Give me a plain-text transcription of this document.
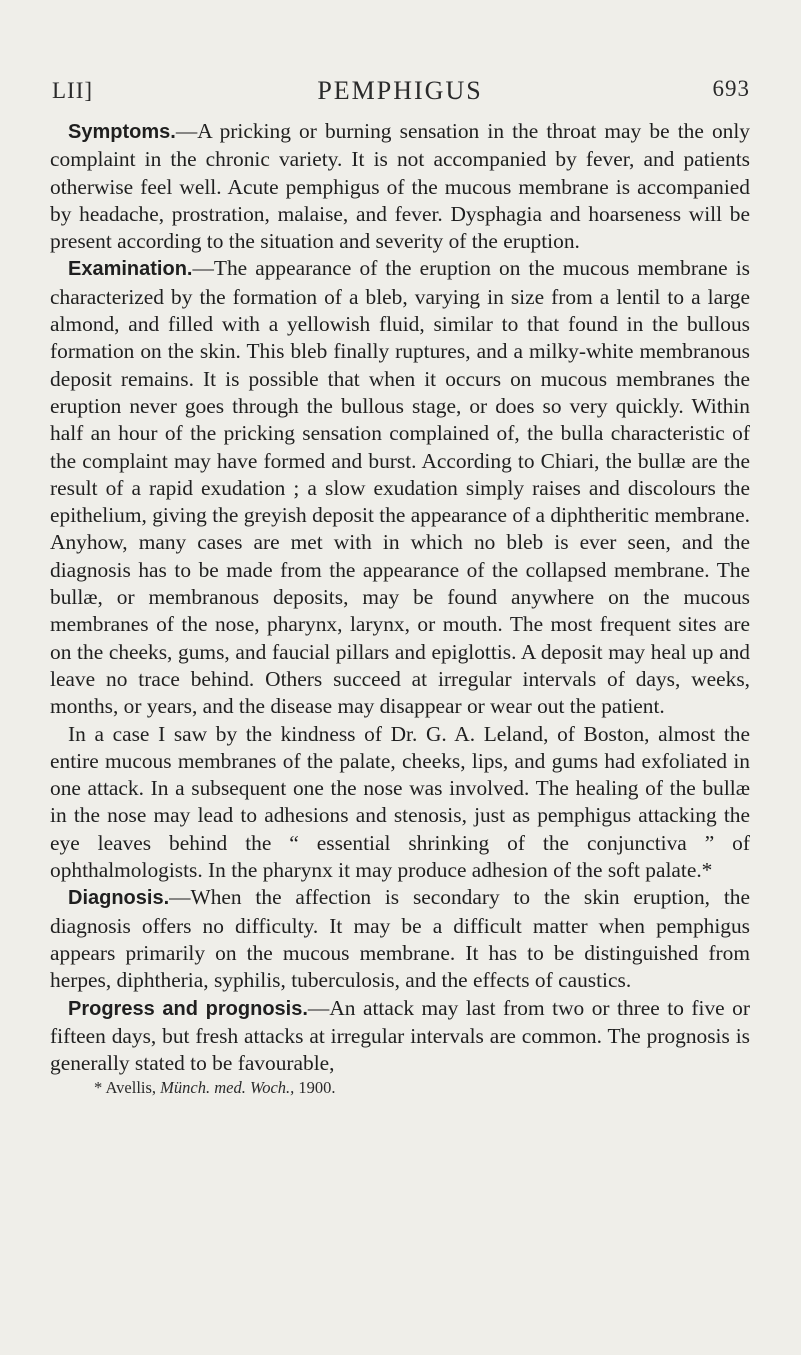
LII]	PEMPHIGUS	693

Symptoms.—A pricking or burning sensation in the throat may be the only complaint in the chronic variety. It is not accompanied by fever, and patients otherwise feel well. Acute pemphigus of the mucous membrane is accompanied by headache, prostration, malaise, and fever. Dysphagia and hoarseness will be present according to the situation and severity of the eruption.

Examination.—The appearance of the eruption on the mucous membrane is characterized by the formation of a bleb, varying in size from a lentil to a large almond, and filled with a yellowish fluid, similar to that found in the bullous formation on the skin. This bleb finally ruptures, and a milky-white membranous deposit remains. It is possible that when it occurs on mucous membranes the eruption never goes through the bullous stage, or does so very quickly. Within half an hour of the pricking sensation complained of, the bulla characteristic of the complaint may have formed and burst. According to Chiari, the bullæ are the result of a rapid exudation ; a slow exudation simply raises and discolours the epithelium, giving the greyish deposit the appearance of a diphtheritic membrane. Anyhow, many cases are met with in which no bleb is ever seen, and the diagnosis has to be made from the appearance of the collapsed membrane. The bullæ, or membranous deposits, may be found anywhere on the mucous membranes of the nose, pharynx, larynx, or mouth. The most frequent sites are on the cheeks, gums, and faucial pillars and epiglottis. A deposit may heal up and leave no trace behind. Others succeed at irregular intervals of days, weeks, months, or years, and the disease may disappear or wear out the patient.

In a case I saw by the kindness of Dr. G. A. Leland, of Boston, almost the entire mucous membranes of the palate, cheeks, lips, and gums had exfoliated in one attack. In a subsequent one the nose was involved. The healing of the bullæ in the nose may lead to adhesions and stenosis, just as pemphigus attacking the eye leaves behind the “ essential shrinking of the conjunctiva ” of ophthalmologists. In the pharynx it may produce adhesion of the soft palate.*

Diagnosis.—When the affection is secondary to the skin eruption, the diagnosis offers no difficulty. It may be a difficult matter when pemphigus appears primarily on the mucous membrane. It has to be distinguished from herpes, diphtheria, syphilis, tuberculosis, and the effects of caustics.

Progress and prognosis.—An attack may last from two or three to five or fifteen days, but fresh attacks at irregular intervals are common. The prognosis is generally stated to be favourable,

* Avellis, Münch. med. Woch., 1900.
